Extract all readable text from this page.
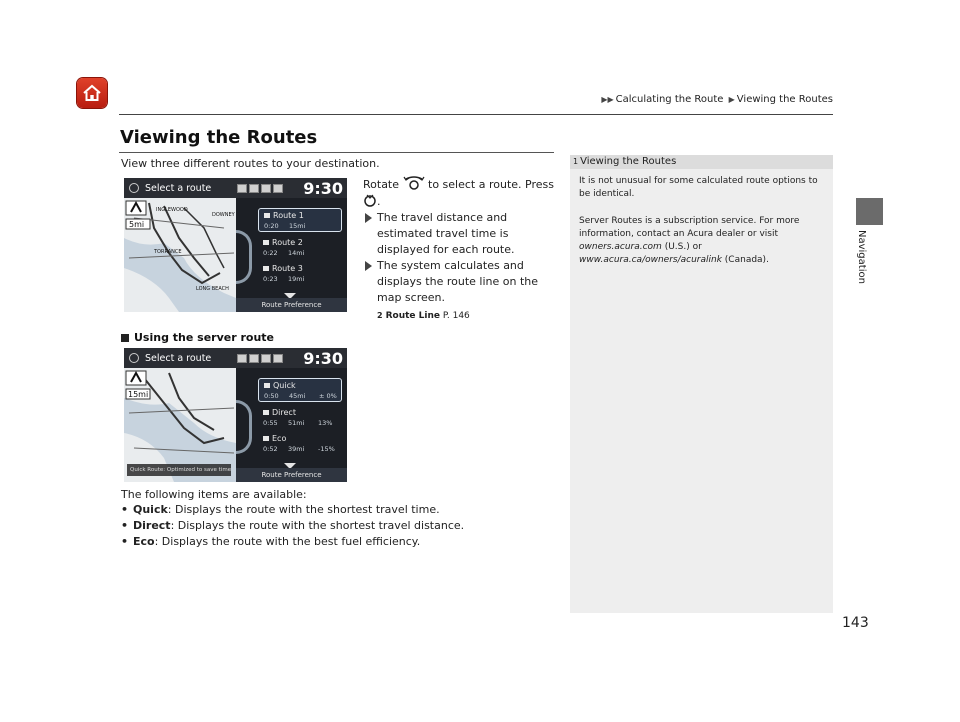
▶▶ Calculating the Route ▶ Viewing the Routes
Navigation
Viewing the Routes
View three different routes to your destination.
Select a route	9:30
5mi
INGLEWOOD
TORRANCE
LONG BEACH
DOWNEY	Route 1
0:20 15mi
Route 2
0:22 14mi
Route 3
0:23 19mi
Route Preference
Rotate	to select a route. Press
.
The travel distance and estimated travel time is displayed for each route.
The system calculates and displays the route line on the map screen.
2 Route Line P. 146
Using the server route
Select a route	9:30
15mi
Quick Route: Optimized to save time
Quick
0:50 45mi ± 0%
Direct
0:55 51mi 13%
Eco
0:52 39mi -15%
Route Preference
The following items are available:
• Quick: Displays the route with the shortest travel time.
• Direct: Displays the route with the shortest travel distance.
• Eco: Displays the route with the best fuel efficiency.
1 Viewing the Routes
It is not unusual for some calculated route options to be identical.
Server Routes is a subscription service. For more information, contact an Acura dealer or visit owners.acura.com (U.S.) or www.acura.ca/owners/acuralink (Canada).
143
